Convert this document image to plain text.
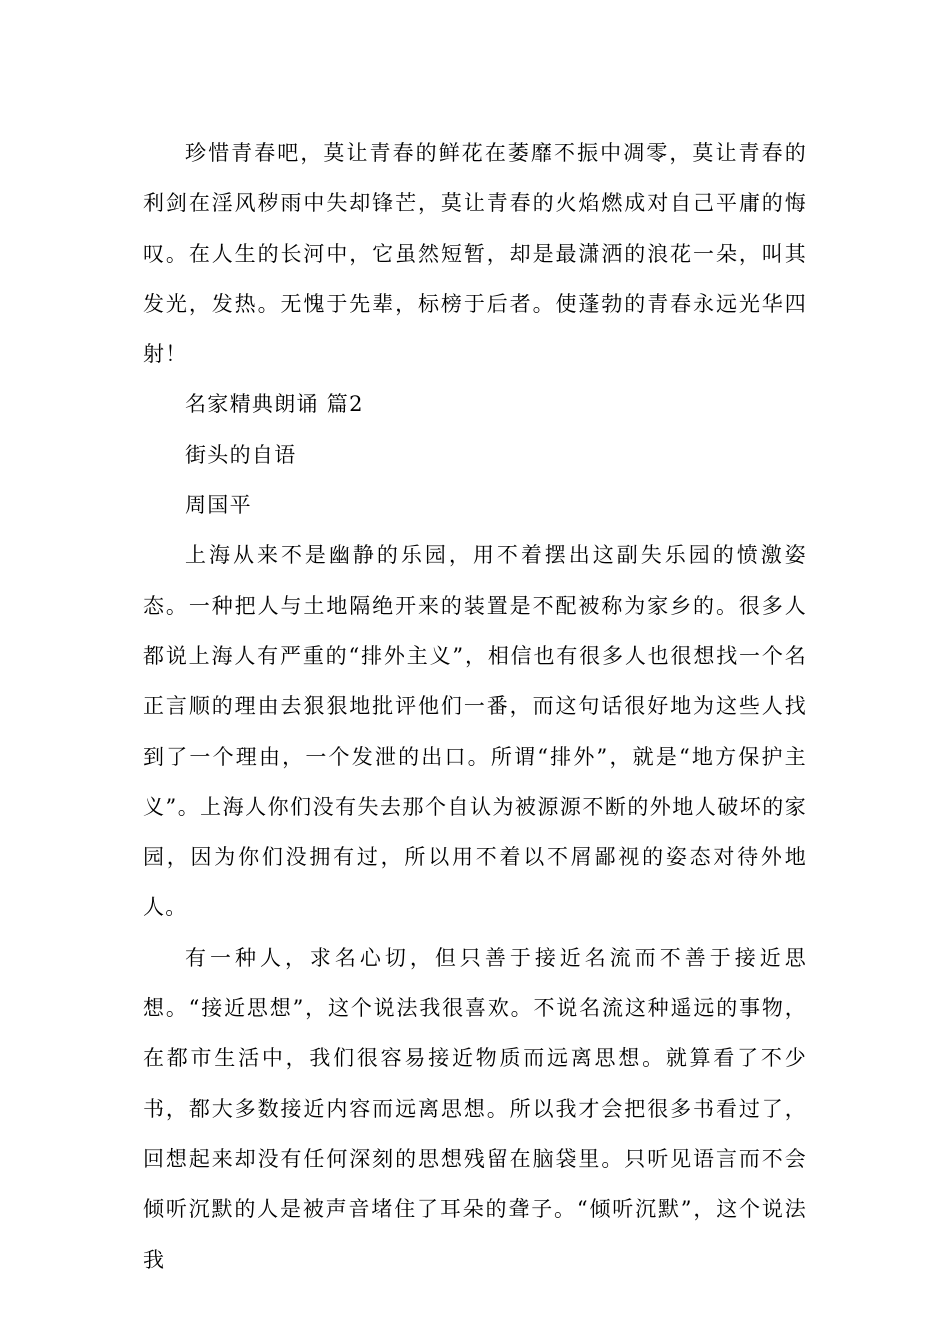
珍惜青春吧，莫让青春的鲜花在萎靡不振中凋零，莫让青春的利剑在淫风秽雨中失却锋芒，莫让青春的火焰燃成对自己平庸的悔叹。在人生的长河中，它虽然短暂，却是最潇洒的浪花一朵，叫其发光，发热。无愧于先辈，标榜于后者。使蓬勃的青春永远光华四射！

名家精典朗诵 篇2

街头的自语

周国平

上海从来不是幽静的乐园，用不着摆出这副失乐园的愤激姿态。一种把人与土地隔绝开来的装置是不配被称为家乡的。很多人都说上海人有严重的“排外主义”，相信也有很多人也很想找一个名正言顺的理由去狠狠地批评他们一番，而这句话很好地为这些人找到了一个理由，一个发泄的出口。所谓“排外”，就是“地方保护主义”。上海人你们没有失去那个自认为被源源不断的外地人破坏的家园，因为你们没拥有过，所以用不着以不屑鄙视的姿态对待外地人。

有一种人，求名心切，但只善于接近名流而不善于接近思想。“接近思想”，这个说法我很喜欢。不说名流这种遥远的事物，在都市生活中，我们很容易接近物质而远离思想。就算看了不少书，都大多数接近内容而远离思想。所以我才会把很多书看过了，回想起来却没有任何深刻的思想残留在脑袋里。只听见语言而不会倾听沉默的人是被声音堵住了耳朵的聋子。“倾听沉默”，这个说法我
